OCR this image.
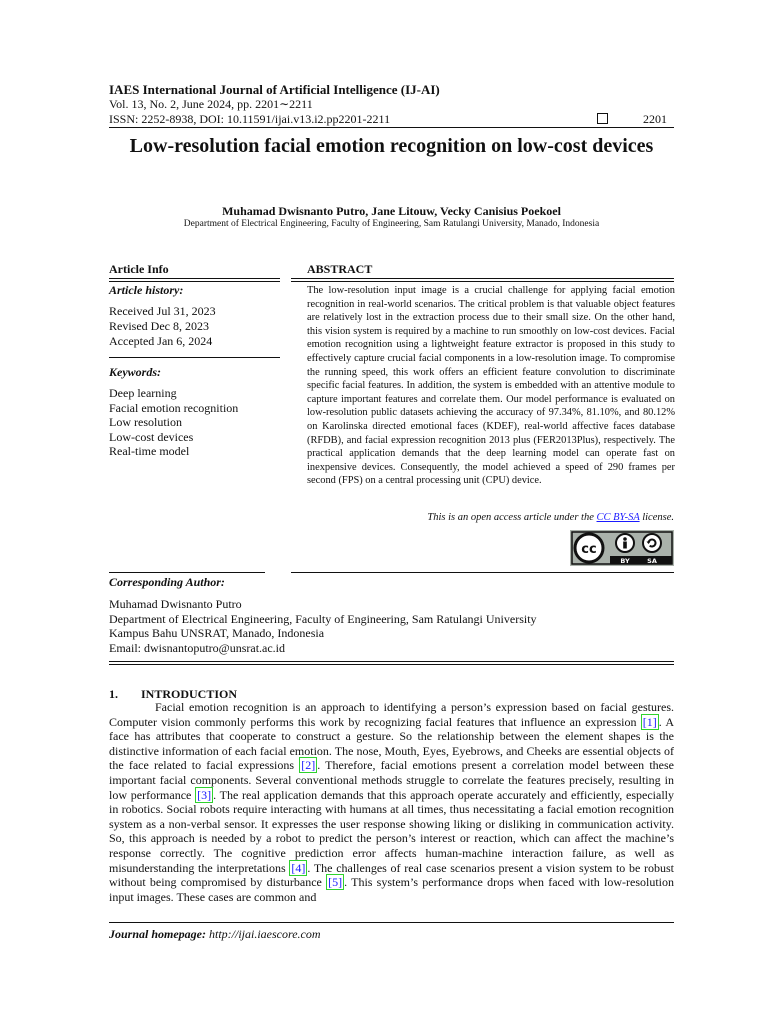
IAES International Journal of Artificial Intelligence (IJ-AI)
Vol. 13, No. 2, June 2024, pp. 2201∼2211
ISSN: 2252-8938, DOI: 10.11591/ijai.v13.i2.pp2201-2211	2201
Low-resolution facial emotion recognition on low-cost devices
Muhamad Dwisnanto Putro, Jane Litouw, Vecky Canisius Poekoel
Department of Electrical Engineering, Faculty of Engineering, Sam Ratulangi University, Manado, Indonesia
Article Info
Article history:
Received Jul 31, 2023
Revised Dec 8, 2023
Accepted Jan 6, 2024
Keywords:
Deep learning
Facial emotion recognition
Low resolution
Low-cost devices
Real-time model
ABSTRACT
The low-resolution input image is a crucial challenge for applying facial emotion recognition in real-world scenarios. The critical problem is that valuable object features are relatively lost in the extraction process due to their small size. On the other hand, this vision system is required by a machine to run smoothly on low-cost devices. Facial emotion recognition using a lightweight feature extractor is proposed in this study to effectively capture crucial facial components in a low-resolution image. To compromise the running speed, this work offers an efficient feature convolution to discriminate specific facial features. In addition, the system is embedded with an attentive module to capture important features and correlate them. Our model performance is evaluated on low-resolution public datasets achieving the accuracy of 97.34%, 81.10%, and 80.12% on Karolinska directed emotional faces (KDEF), real-world affective faces database (RFDB), and facial expression recognition 2013 plus (FER2013Plus), respectively. The practical application demands that the deep learning model can operate fast on inexpensive devices. Consequently, the model achieved a speed of 290 frames per second (FPS) on a central processing unit (CPU) device.
This is an open access article under the CC BY-SA license.
cc
BY	SA
Corresponding Author:
Muhamad Dwisnanto Putro
Department of Electrical Engineering, Faculty of Engineering, Sam Ratulangi University
Kampus Bahu UNSRAT, Manado, Indonesia
Email: dwisnantoputro@unsrat.ac.id
1. INTRODUCTION
Facial emotion recognition is an approach to identifying a person’s expression based on facial gestures. Computer vision commonly performs this work by recognizing facial features that influence an expression [1] . A face has attributes that cooperate to construct a gesture. So the relationship between the element shapes is the distinctive information of each facial emotion. The nose, Mouth, Eyes, Eyebrows, and Cheeks are essential objects of the face related to facial expressions [2] . Therefore, facial emotions present a correlation model between these important facial components. Several conventional methods struggle to correlate the features precisely, resulting in low performance [3] . The real application demands that this approach operate accurately and efficiently, especially in robotics. Social robots require interacting with humans at all times, thus necessitating a facial emotion recognition system as a non-verbal sensor. It expresses the user response showing liking or disliking in communication activity. So, this approach is needed by a robot to predict the person’s interest or reaction, which can affect the machine’s response correctly. The cognitive prediction error affects human-machine interaction failure, as well as misunderstanding the interpretations [4] . The challenges of real case scenarios present a vision system to be robust without being compromised by disturbance [5] . This system’s performance drops when faced with low-resolution input images. These cases are common and
Journal homepage: http://ijai.iaescore.com
